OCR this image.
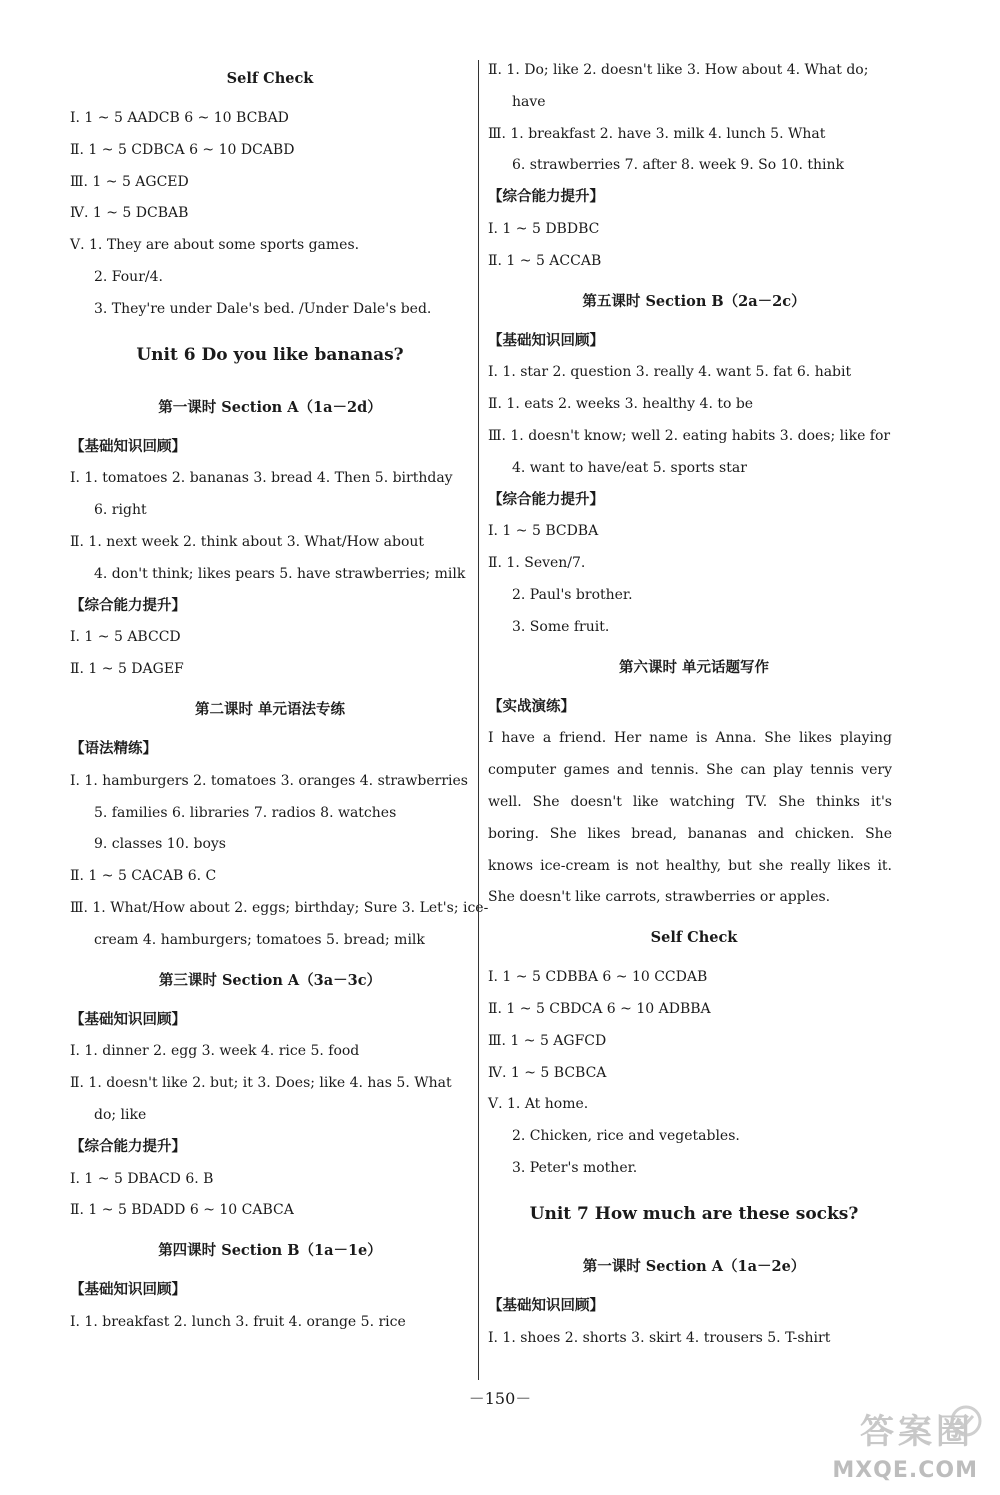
Self Check
Ⅰ. 1 ~ 5 AADCB 6 ~ 10 BCBAD
Ⅱ. 1 ~ 5 CDBCA 6 ~ 10 DCABD
Ⅲ. 1 ~ 5 AGCED
Ⅳ. 1 ~ 5 DCBAB
Ⅴ. 1. They are about some sports games.
2. Four/4.
3. They're under Dale's bed. /Under Dale's bed.
Unit 6 Do you like bananas?
第一课时 Section A（1a－2d）
【基础知识回顾】
Ⅰ. 1. tomatoes 2. bananas 3. bread 4. Then 5. birthday
6. right
Ⅱ. 1. next week 2. think about 3. What/How about
4. don't think; likes pears 5. have strawberries; milk
【综合能力提升】
Ⅰ. 1 ~ 5 ABCCD
Ⅱ. 1 ~ 5 DAGEF
第二课时 单元语法专练
【语法精练】
Ⅰ. 1. hamburgers 2. tomatoes 3. oranges 4. strawberries
5. families 6. libraries 7. radios 8. watches
9. classes 10. boys
Ⅱ. 1 ~ 5 CACAB 6. C
Ⅲ. 1. What/How about 2. eggs; birthday; Sure 3. Let's; ice-
cream 4. hamburgers; tomatoes 5. bread; milk
第三课时 Section A（3a－3c）
【基础知识回顾】
Ⅰ. 1. dinner 2. egg 3. week 4. rice 5. food
Ⅱ. 1. doesn't like 2. but; it 3. Does; like 4. has 5. What
do; like
【综合能力提升】
Ⅰ. 1 ~ 5 DBACD 6. B
Ⅱ. 1 ~ 5 BDADD 6 ~ 10 CABCA
第四课时 Section B（1a－1e）
【基础知识回顾】
Ⅰ. 1. breakfast 2. lunch 3. fruit 4. orange 5. rice
Ⅱ. 1. Do; like 2. doesn't like 3. How about 4. What do;
have
Ⅲ. 1. breakfast 2. have 3. milk 4. lunch 5. What
6. strawberries 7. after 8. week 9. So 10. think
【综合能力提升】
Ⅰ. 1 ~ 5 DBDBC
Ⅱ. 1 ~ 5 ACCAB
第五课时 Section B（2a－2c）
【基础知识回顾】
Ⅰ. 1. star 2. question 3. really 4. want 5. fat 6. habit
Ⅱ. 1. eats 2. weeks 3. healthy 4. to be
Ⅲ. 1. doesn't know; well 2. eating habits 3. does; like for
4. want to have/eat 5. sports star
【综合能力提升】
Ⅰ. 1 ~ 5 BCDBA
Ⅱ. 1. Seven/7.
2. Paul's brother.
3. Some fruit.
第六课时 单元话题写作
【实战演练】
I have a friend. Her name is Anna. She likes playing computer games and tennis. She can play tennis very well. She doesn't like watching TV. She thinks it's boring. She likes bread, bananas and chicken. She knows ice-cream is not healthy, but she really likes it. She doesn't like carrots, strawberries or apples.
Self Check
Ⅰ. 1 ~ 5 CDBBA 6 ~ 10 CCDAB
Ⅱ. 1 ~ 5 CBDCA 6 ~ 10 ADBBA
Ⅲ. 1 ~ 5 AGFCD
Ⅳ. 1 ~ 5 BCBCA
Ⅴ. 1. At home.
2. Chicken, rice and vegetables.
3. Peter's mother.
Unit 7 How much are these socks?
第一课时 Section A（1a－2e）
【基础知识回顾】
Ⅰ. 1. shoes 2. shorts 3. skirt 4. trousers 5. T-shirt
－150－
答案圈
MXQE.COM
